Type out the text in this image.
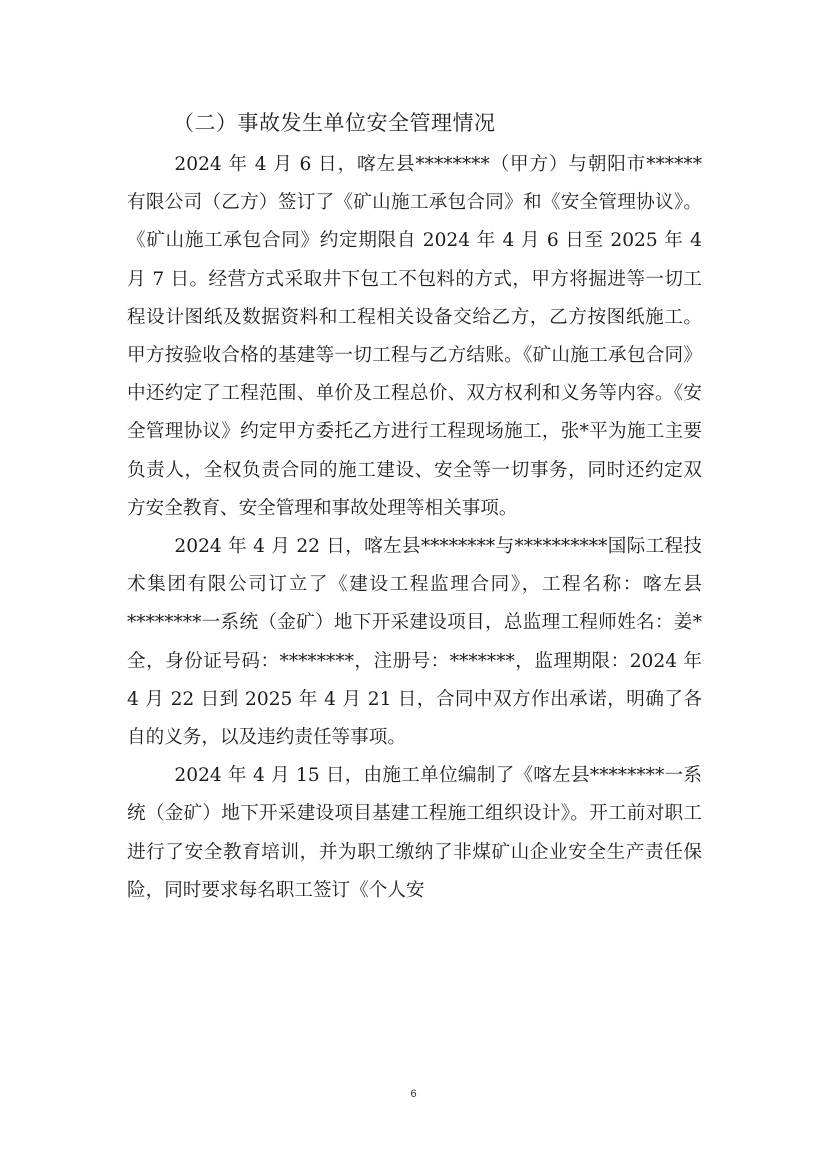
（二）事故发生单位安全管理情况

2024 年 4 月 6 日，喀左县********（甲方）与朝阳市******有限公司（乙方）签订了《矿山施工承包合同》和《安全管理协议》。《矿山施工承包合同》约定期限自 2024 年 4 月 6 日至 2025 年 4 月 7 日。经营方式采取井下包工不包料的方式，甲方将掘进等一切工程设计图纸及数据资料和工程相关设备交给乙方，乙方按图纸施工。甲方按验收合格的基建等一切工程与乙方结账。《矿山施工承包合同》中还约定了工程范围、单价及工程总价、双方权利和义务等内容。《安全管理协议》约定甲方委托乙方进行工程现场施工，张*平为施工主要负责人，全权负责合同的施工建设、安全等一切事务，同时还约定双方安全教育、安全管理和事故处理等相关事项。

2024 年 4 月 22 日，喀左县********与**********国际工程技术集团有限公司订立了《建设工程监理合同》，工程名称：喀左县********一系统（金矿）地下开采建设项目，总监理工程师姓名：姜*全，身份证号码：********，注册号：*******，监理期限：2024 年 4 月 22 日到 2025 年 4 月 21 日，合同中双方作出承诺，明确了各自的义务，以及违约责任等事项。

2024 年 4 月 15 日，由施工单位编制了《喀左县********一系统（金矿）地下开采建设项目基建工程施工组织设计》。开工前对职工进行了安全教育培训，并为职工缴纳了非煤矿山企业安全生产责任保险，同时要求每名职工签订《个人安

6
